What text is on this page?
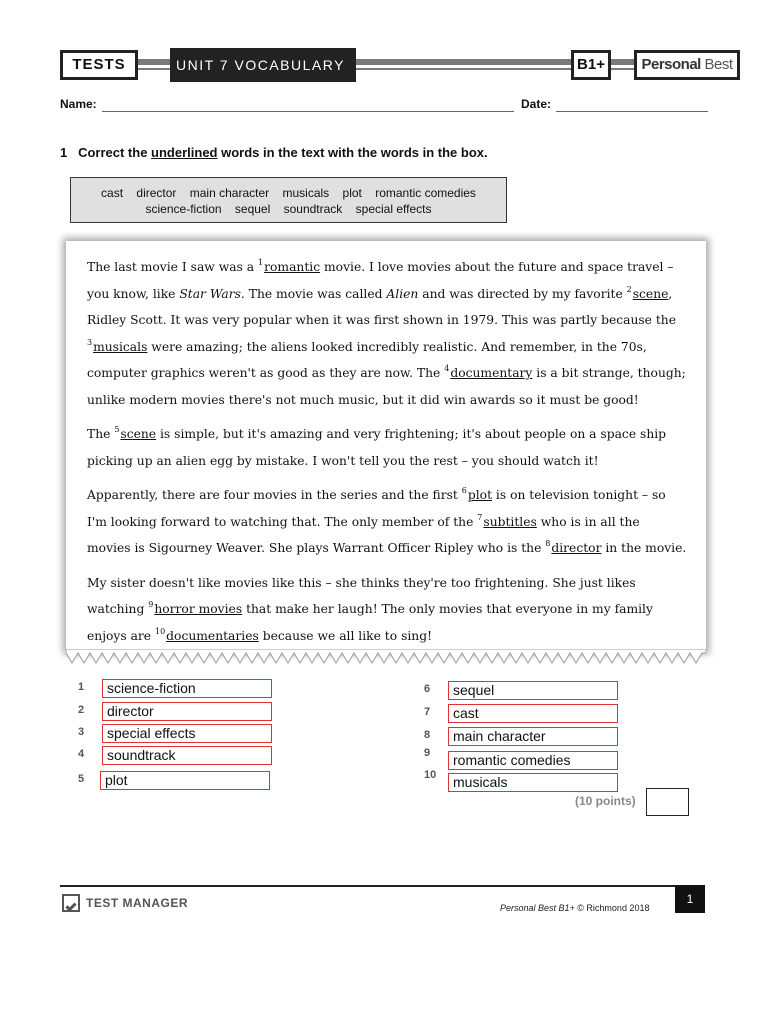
TESTS	UNIT 7 VOCABULARY	B1+	Personal Best
Name:	Date:
1 Correct the underlined words in the text with the words in the box.
cast director main character musicals plot romantic comedies
science-fiction sequel soundtrack special effects

The last movie I saw was a $^1$romantic movie. I love movies about the future and space travel – you know, like Star Wars. The movie was called Alien and was directed by my favorite $^2$scene, Ridley Scott. It was very popular when it was first shown in 1979. This was partly because the $^3$musicals were amazing; the aliens looked incredibly realistic. And remember, in the 70s, computer graphics weren't as good as they are now. The $^4$documentary is a bit strange, though; unlike modern movies there's not much music, but it did win awards so it must be good!

The $^5$scene is simple, but it's amazing and very frightening; it's about people on a space ship picking up an alien egg by mistake. I won't tell you the rest – you should watch it!

Apparently, there are four movies in the series and the first $^6$plot is on television tonight – so I'm looking forward to watching that. The only member of the $^7$subtitles who is in all the movies is Sigourney Weaver. She plays Warrant Officer Ripley who is the $^8$director in the movie.

My sister doesn't like movies like this – she thinks they're too frightening. She just likes watching $^9$horror movies that make her laugh! The only movies that everyone in my family enjoys are $^{10}$documentaries because we all like to sing!

1	science-fiction
2	director
3	special effects
4	soundtrack
5	plot
6	sequel
7	cast
8	main character
9	romantic comedies
10	musicals
(10 points)
TEST MANAGER	Personal Best B1+ © Richmond 2018
1
